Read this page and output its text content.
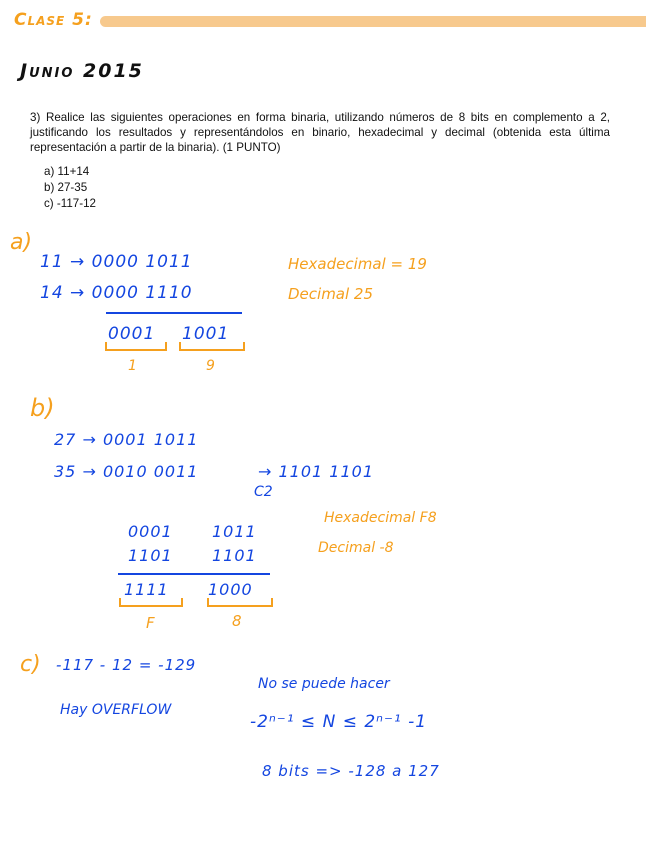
Clase 5:
Junio 2015
3) Realice las siguientes operaciones en forma binaria, utilizando números de 8 bits en complemento a 2, justificando los resultados y representándolos en binario, hexadecimal y decimal (obtenida esta última representación a partir de la binaria). (1 PUNTO)
a) 11+14
b) 27-35
c) -117-12
a)
11 → 0000 1011
14 → 0000 1110
0001 1001
1	9
Hexadecimal = 19
Decimal 25
b)
27 → 0001 1011
35 → 0010 0011	→ 1101 1101
C2
0001 1011
1101 1101
1111 1000
F	8
Hexadecimal F8
Decimal -8
c) -117 - 12 = -129
Hay OVERFLOW
No se puede hacer
-2ⁿ⁻¹ ≤ N ≤ 2ⁿ⁻¹ -1
8 bits => -128 a 127
